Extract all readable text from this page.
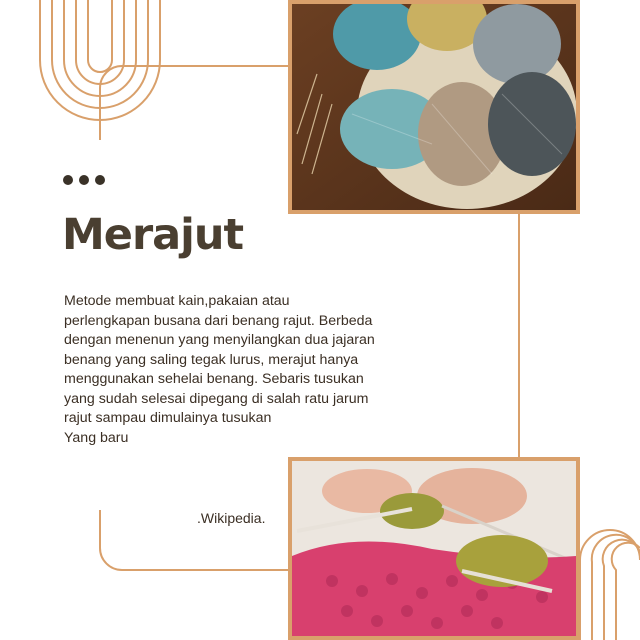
Merajut
Metode membuat kain,pakaian atau
perlengkapan busana dari benang rajut. Berbeda
dengan menenun yang menyilangkan dua jajaran
benang yang saling tegak lurus, merajut hanya
menggunakan sehelai benang. Sebaris tusukan
yang sudah selesai dipegang di salah ratu jarum
rajut sampau dimulainya tusukan
Yang baru
.Wikipedia.
